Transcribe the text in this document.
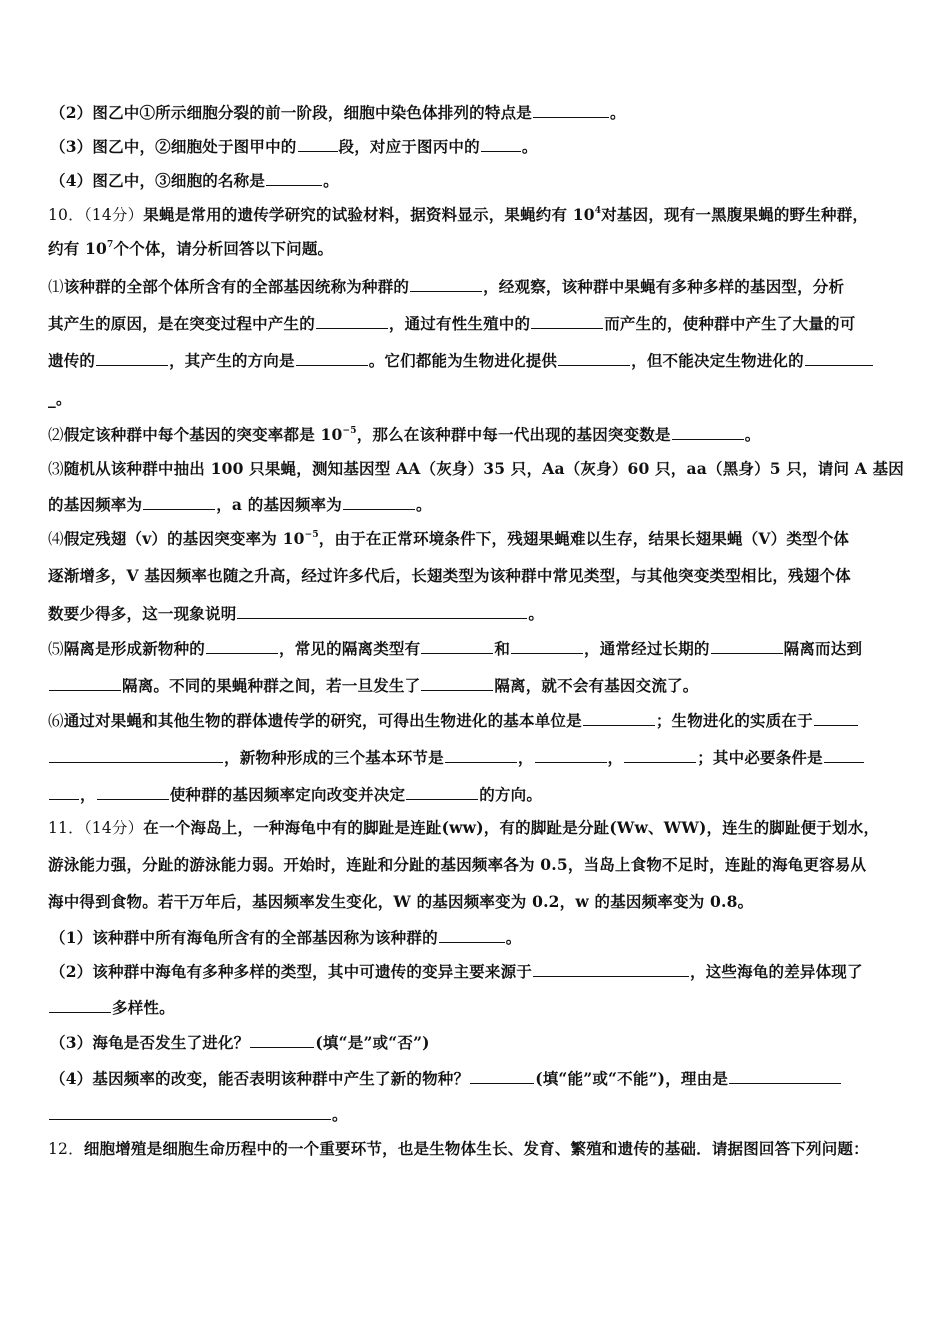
（2）图乙中①所示细胞分裂的前一阶段，细胞中染色体排列的特点是	。
（3）图乙中，②细胞处于图甲中的	段，对应于图丙中的	。
（4）图乙中，③细胞的名称是	。
10．（14分）果蝇是常用的遗传学研究的试验材料，据资料显示，果蝇约有 $10^4$对基因，现有一黑腹果蝇的野生种群，
约有 $10^7$个个体，请分析回答以下问题。
⑴该种群的全部个体所含有的全部基因统称为种群的	，经观察，该种群中果蝇有多种多样的基因型，分析
其产生的原因，是在突变过程中产生的	，通过有性生殖中的	而产生的，使种群中产生了大量的可
遗传的	，其产生的方向是	。它们都能为生物进化提供	，但不能决定生物进化的
_。
⑵假定该种群中每个基因的突变率都是 $10^{-5}$，那么在该种群中每一代出现的基因突变数是	。
⑶随机从该种群中抽出 100 只果蝇，测知基因型 AA（灰身）35 只，Aa（灰身）60 只，aa（黑身）5 只，请问 A 基因
的基因频率为	，a 的基因频率为	。
⑷假定残翅（v）的基因突变率为 $10^{-5}$，由于在正常环境条件下，残翅果蝇难以生存，结果长翅果蝇（V）类型个体
逐渐增多，V 基因频率也随之升高，经过许多代后，长翅类型为该种群中常见类型，与其他突变类型相比，残翅个体
数要少得多，这一现象说明	。
⑸隔离是形成新物种的	，常见的隔离类型有	和	，通常经过长期的	隔离而达到
隔离。不同的果蝇种群之间，若一旦发生了	隔离，就不会有基因交流了。
⑹通过对果蝇和其他生物的群体遗传学的研究，可得出生物进化的基本单位是	；生物进化的实质在于
，新物种形成的三个基本环节是	，	，	；其中必要条件是
，	使种群的基因频率定向改变并决定	的方向。
11．（14分）在一个海岛上，一种海龟中有的脚趾是连趾(ww)，有的脚趾是分趾(Ww、WW)，连生的脚趾便于划水，
游泳能力强，分趾的游泳能力弱。开始时，连趾和分趾的基因频率各为 0.5，当岛上食物不足时，连趾的海龟更容易从
海中得到食物。若干万年后，基因频率发生变化，W 的基因频率变为 0.2，w 的基因频率变为 0.8。
（1）该种群中所有海龟所含有的全部基因称为该种群的	。
（2）该种群中海龟有多种多样的类型，其中可遗传的变异主要来源于	，这些海龟的差异体现了
多样性。
（3）海龟是否发生了进化？	(填“是”或“否”)
（4）基因频率的改变，能否表明该种群中产生了新的物种？	(填“能”或“不能”)，理由是
。
12．细胞增殖是细胞生命历程中的一个重要环节，也是生物体生长、发育、繁殖和遗传的基础．请据图回答下列问题：
